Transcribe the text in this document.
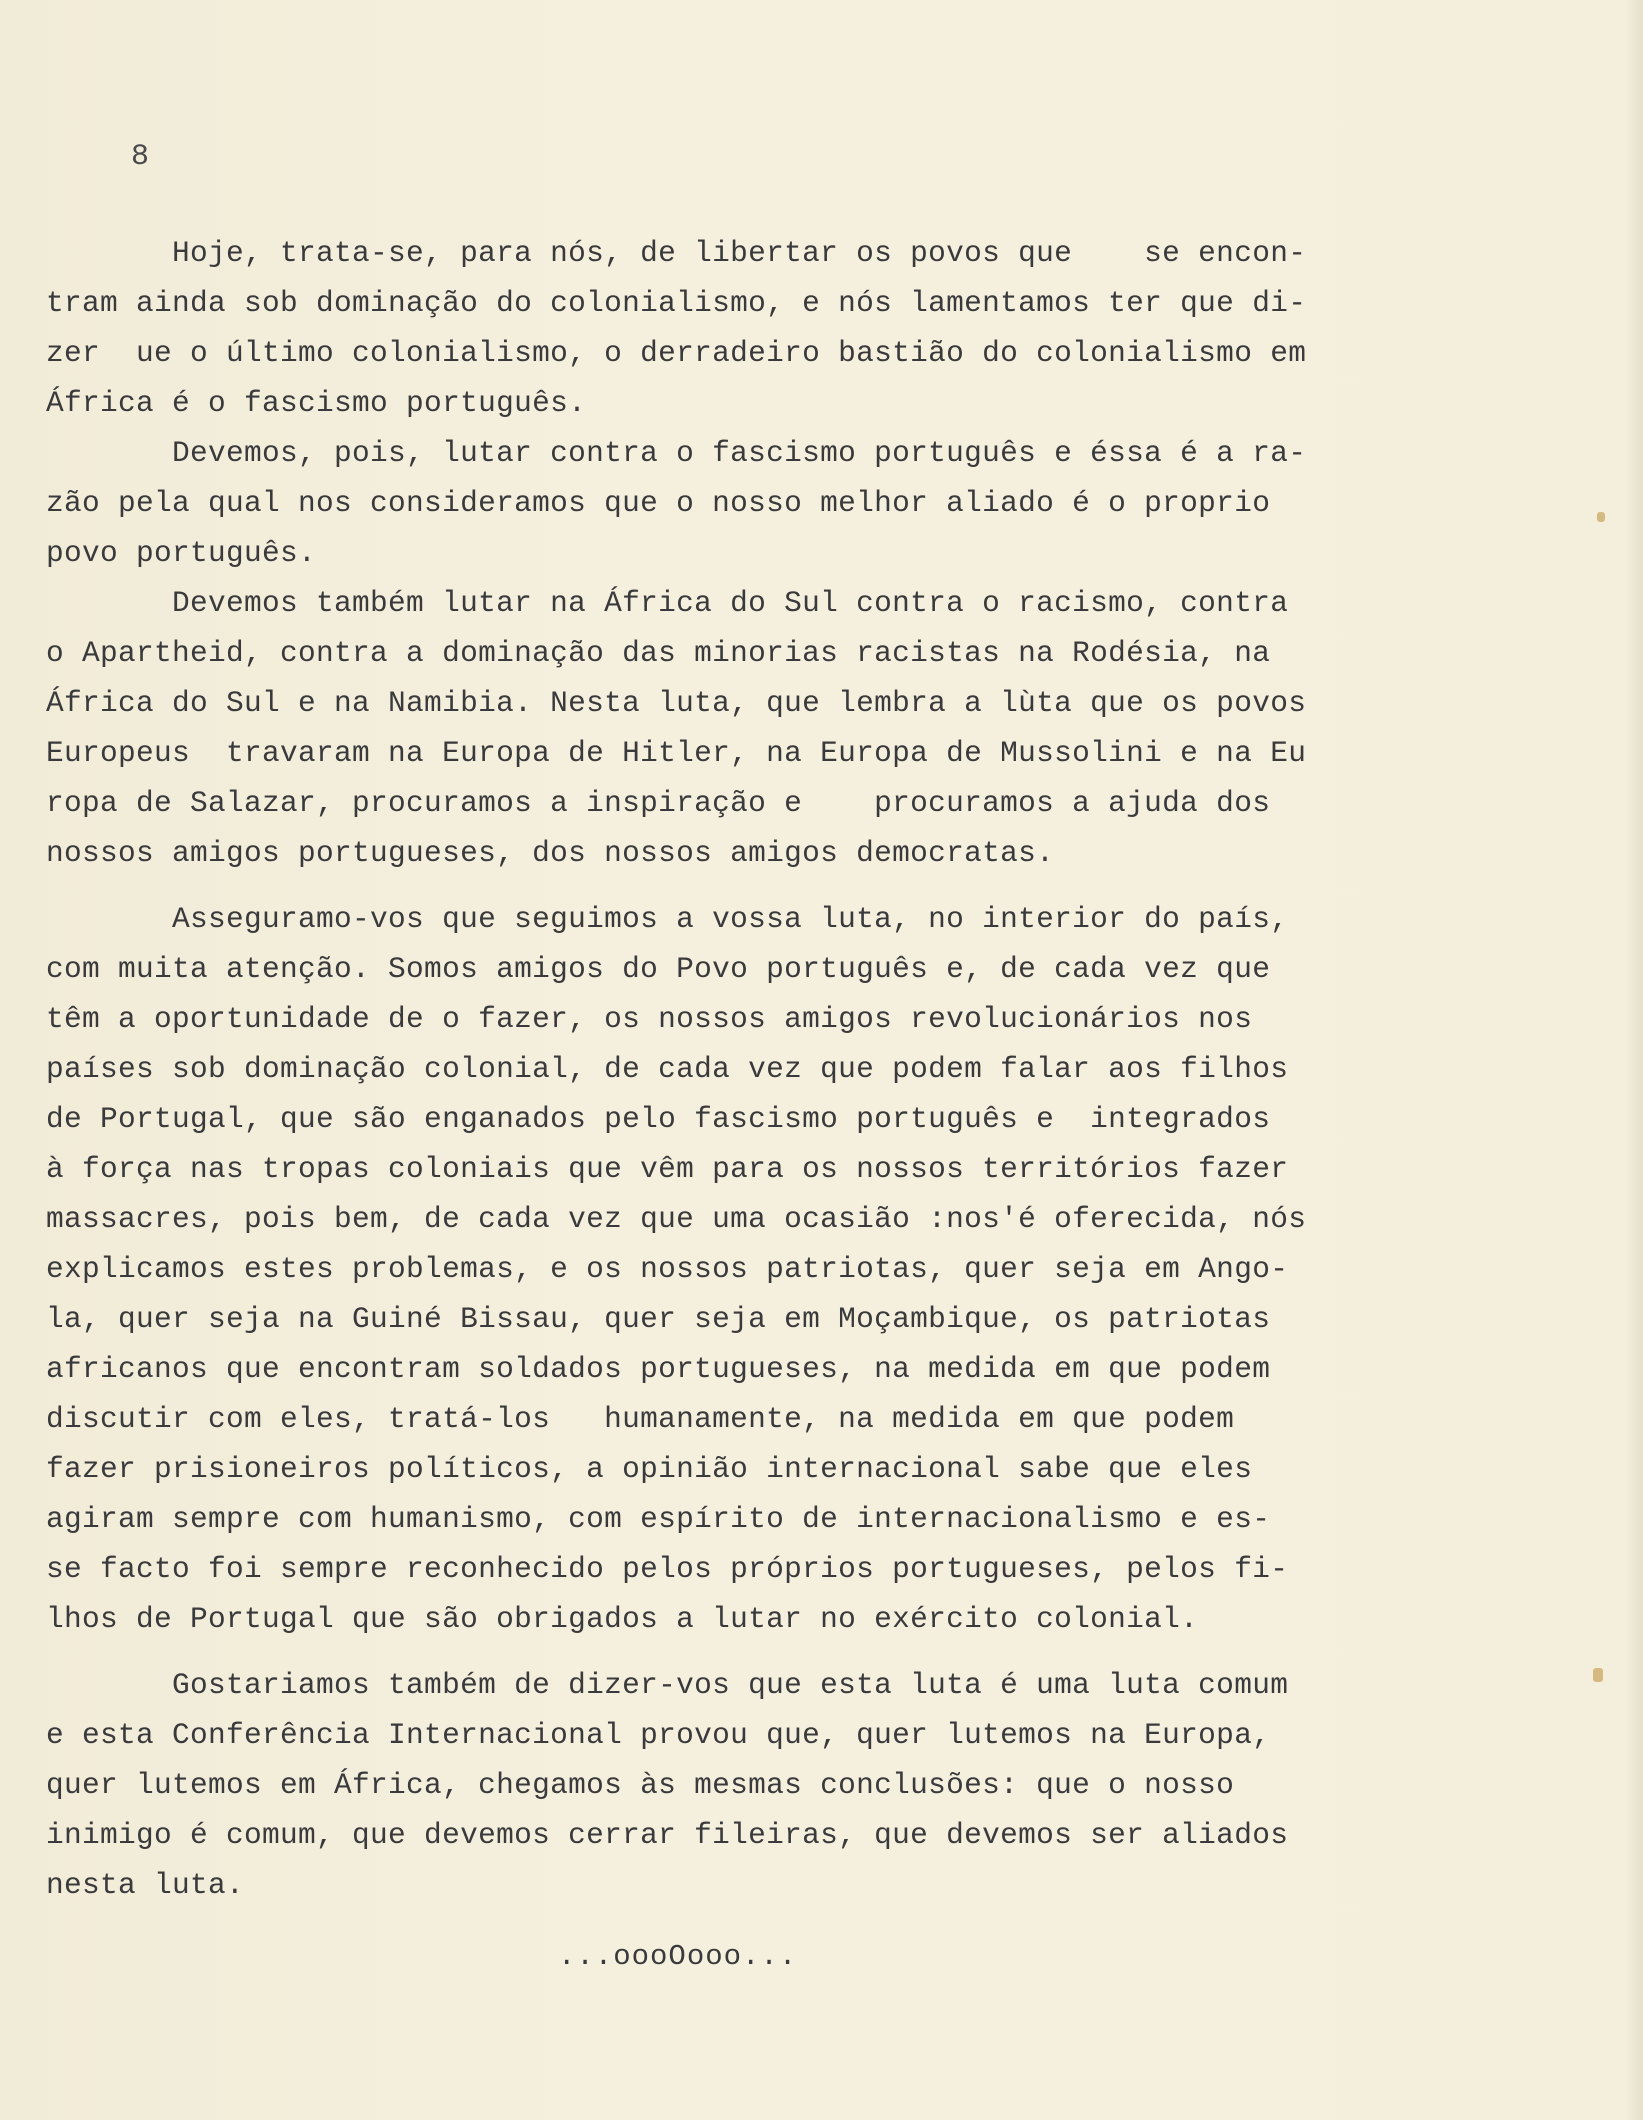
8
Hoje, trata-se, para nós, de libertar os povos que    se encon-
tram ainda sob dominação do colonialismo, e nós lamentamos ter que di-
zer  ue o último colonialismo, o derradeiro bastião do colonialismo em
África é o fascismo português.
Devemos, pois, lutar contra o fascismo português e éssa é a ra-
zão pela qual nos consideramos que o nosso melhor aliado é o proprio
povo português.
Devemos também lutar na África do Sul contra o racismo, contra
o Apartheid, contra a dominação das minorias racistas na Rodésia, na
África do Sul e na Namibia. Nesta luta, que lembra a lùta que os povos
Europeus  travaram na Europa de Hitler, na Europa de Mussolini e na Eu
ropa de Salazar, procuramos a inspiração e    procuramos a ajuda dos
nossos amigos portugueses, dos nossos amigos democratas.
Asseguramo-vos que seguimos a vossa luta, no interior do país,
com muita atenção. Somos amigos do Povo português e, de cada vez que
têm a oportunidade de o fazer, os nossos amigos revolucionários nos
países sob dominação colonial, de cada vez que podem falar aos filhos
de Portugal, que são enganados pelo fascismo português e  integrados
à força nas tropas coloniais que vêm para os nossos territórios fazer
massacres, pois bem, de cada vez que uma ocasião :nos'é oferecida, nós
explicamos estes problemas, e os nossos patriotas, quer seja em Ango-
la, quer seja na Guiné Bissau, quer seja em Moçambique, os patriotas
africanos que encontram soldados portugueses, na medida em que podem
discutir com eles, tratá-los   humanamente, na medida em que podem
fazer prisioneiros políticos, a opinião internacional sabe que eles
agiram sempre com humanismo, com espírito de internacionalismo e es-
se facto foi sempre reconhecido pelos próprios portugueses, pelos fi-
lhos de Portugal que são obrigados a lutar no exército colonial.
Gostariamos também de dizer-vos que esta luta é uma luta comum
e esta Conferência Internacional provou que, quer lutemos na Europa,
quer lutemos em África, chegamos às mesmas conclusões: que o nosso
inimigo é comum, que devemos cerrar fileiras, que devemos ser aliados
nesta luta.
...oooOooo...
